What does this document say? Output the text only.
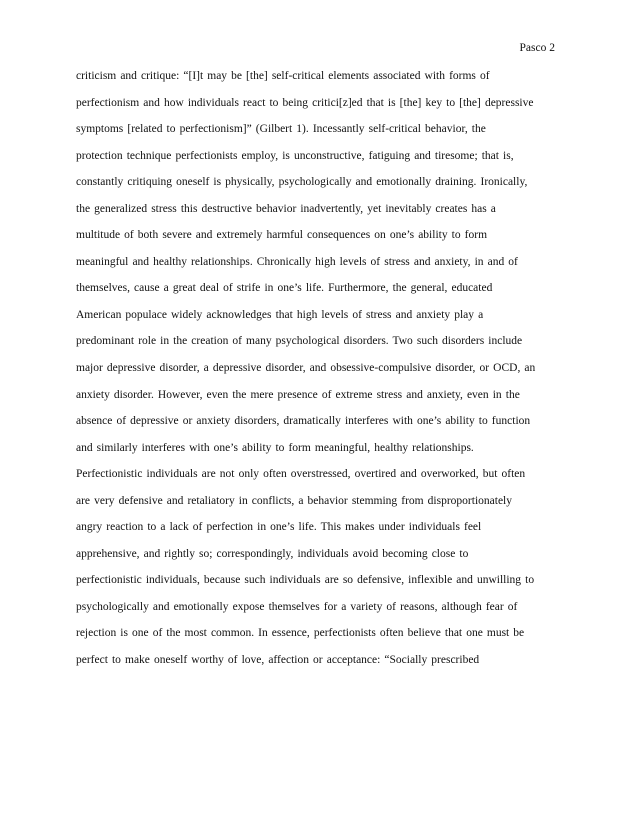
Pasco 2
criticism and critique: “[I]t may be [the] self-critical elements associated with forms of
perfectionism and how individuals react to being critici[z]ed that is [the] key to [the] depressive
symptoms [related to perfectionism]” (Gilbert 1). Incessantly self-critical behavior, the
protection technique perfectionists employ, is unconstructive, fatiguing and tiresome; that is,
constantly critiquing oneself is physically, psychologically and emotionally draining. Ironically,
the generalized stress this destructive behavior inadvertently, yet inevitably creates has a
multitude of both severe and extremely harmful consequences on one’s ability to form
meaningful and healthy relationships. Chronically high levels of stress and anxiety, in and of
themselves, cause a great deal of strife in one’s life. Furthermore, the general, educated
American populace widely acknowledges that high levels of stress and anxiety play a
predominant role in the creation of many psychological disorders. Two such disorders include
major depressive disorder, a depressive disorder, and obsessive-compulsive disorder, or OCD, an
anxiety disorder. However, even the mere presence of extreme stress and anxiety, even in the
absence of depressive or anxiety disorders, dramatically interferes with one’s ability to function
and similarly interferes with one’s ability to form meaningful, healthy relationships.
Perfectionistic individuals are not only often overstressed, overtired and overworked, but often
are very defensive and retaliatory in conflicts, a behavior stemming from disproportionately
angry reaction to a lack of perfection in one’s life. This makes under individuals feel
apprehensive, and rightly so; correspondingly, individuals avoid becoming close to
perfectionistic individuals, because such individuals are so defensive, inflexible and unwilling to
psychologically and emotionally expose themselves for a variety of reasons, although fear of
rejection is one of the most common. In essence, perfectionists often believe that one must be
perfect to make oneself worthy of love, affection or acceptance: “Socially prescribed
